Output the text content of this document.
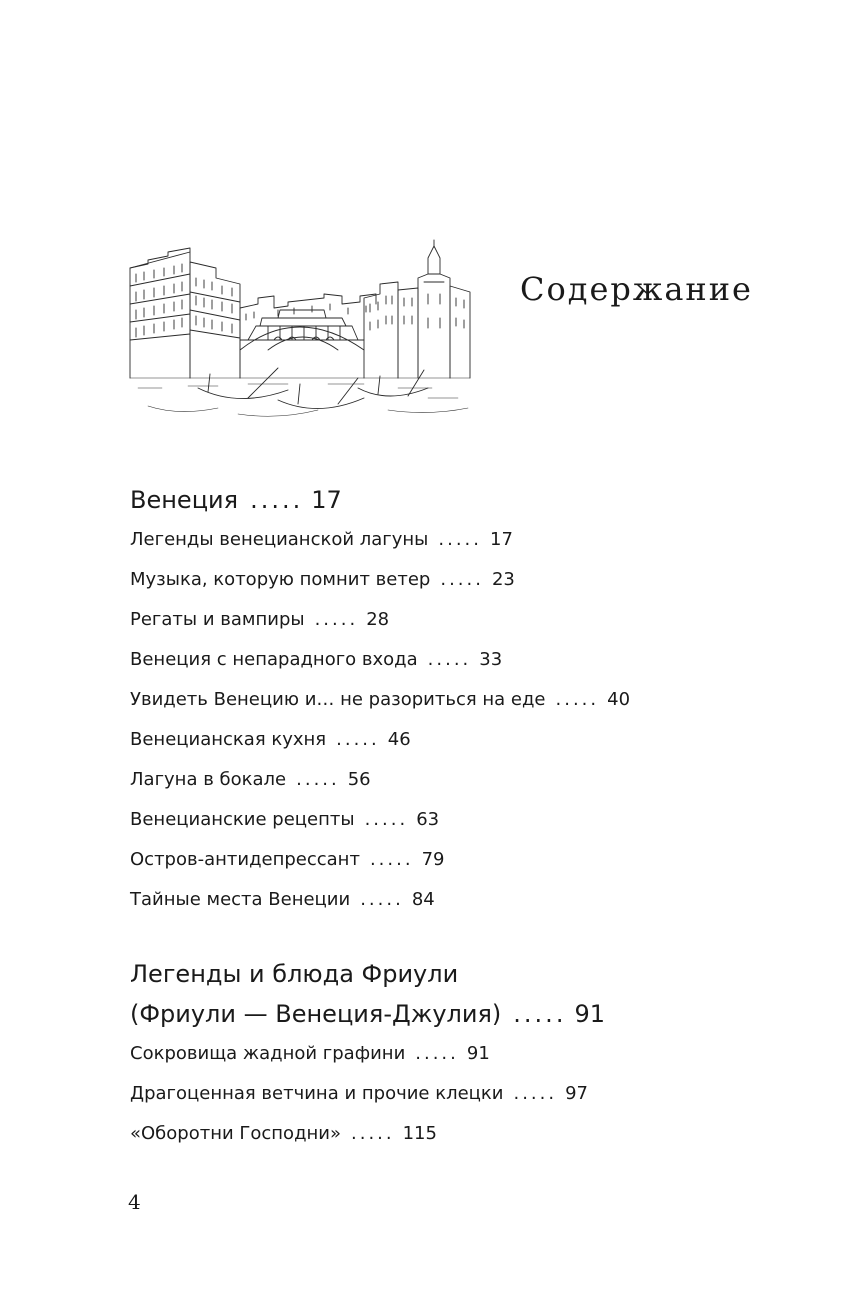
Содержание
Венеция ..... 17
Легенды венецианской лагуны ..... 17
Музыка, которую помнит ветер ..... 23
Регаты и вампиры ..... 28
Венеция с непарадного входа ..... 33
Увидеть Венецию и… не разориться на еде ..... 40
Венецианская кухня ..... 46
Лагуна в бокале ..... 56
Венецианские рецепты ..... 63
Остров-антидепрессант ..... 79
Тайные места Венеции ..... 84
Легенды и блюда Фриули
(Фриули — Венеция-Джулия) ..... 91
Сокровища жадной графини ..... 91
Драгоценная ветчина и прочие клецки ..... 97
«Оборотни Господни» ..... 115
4
